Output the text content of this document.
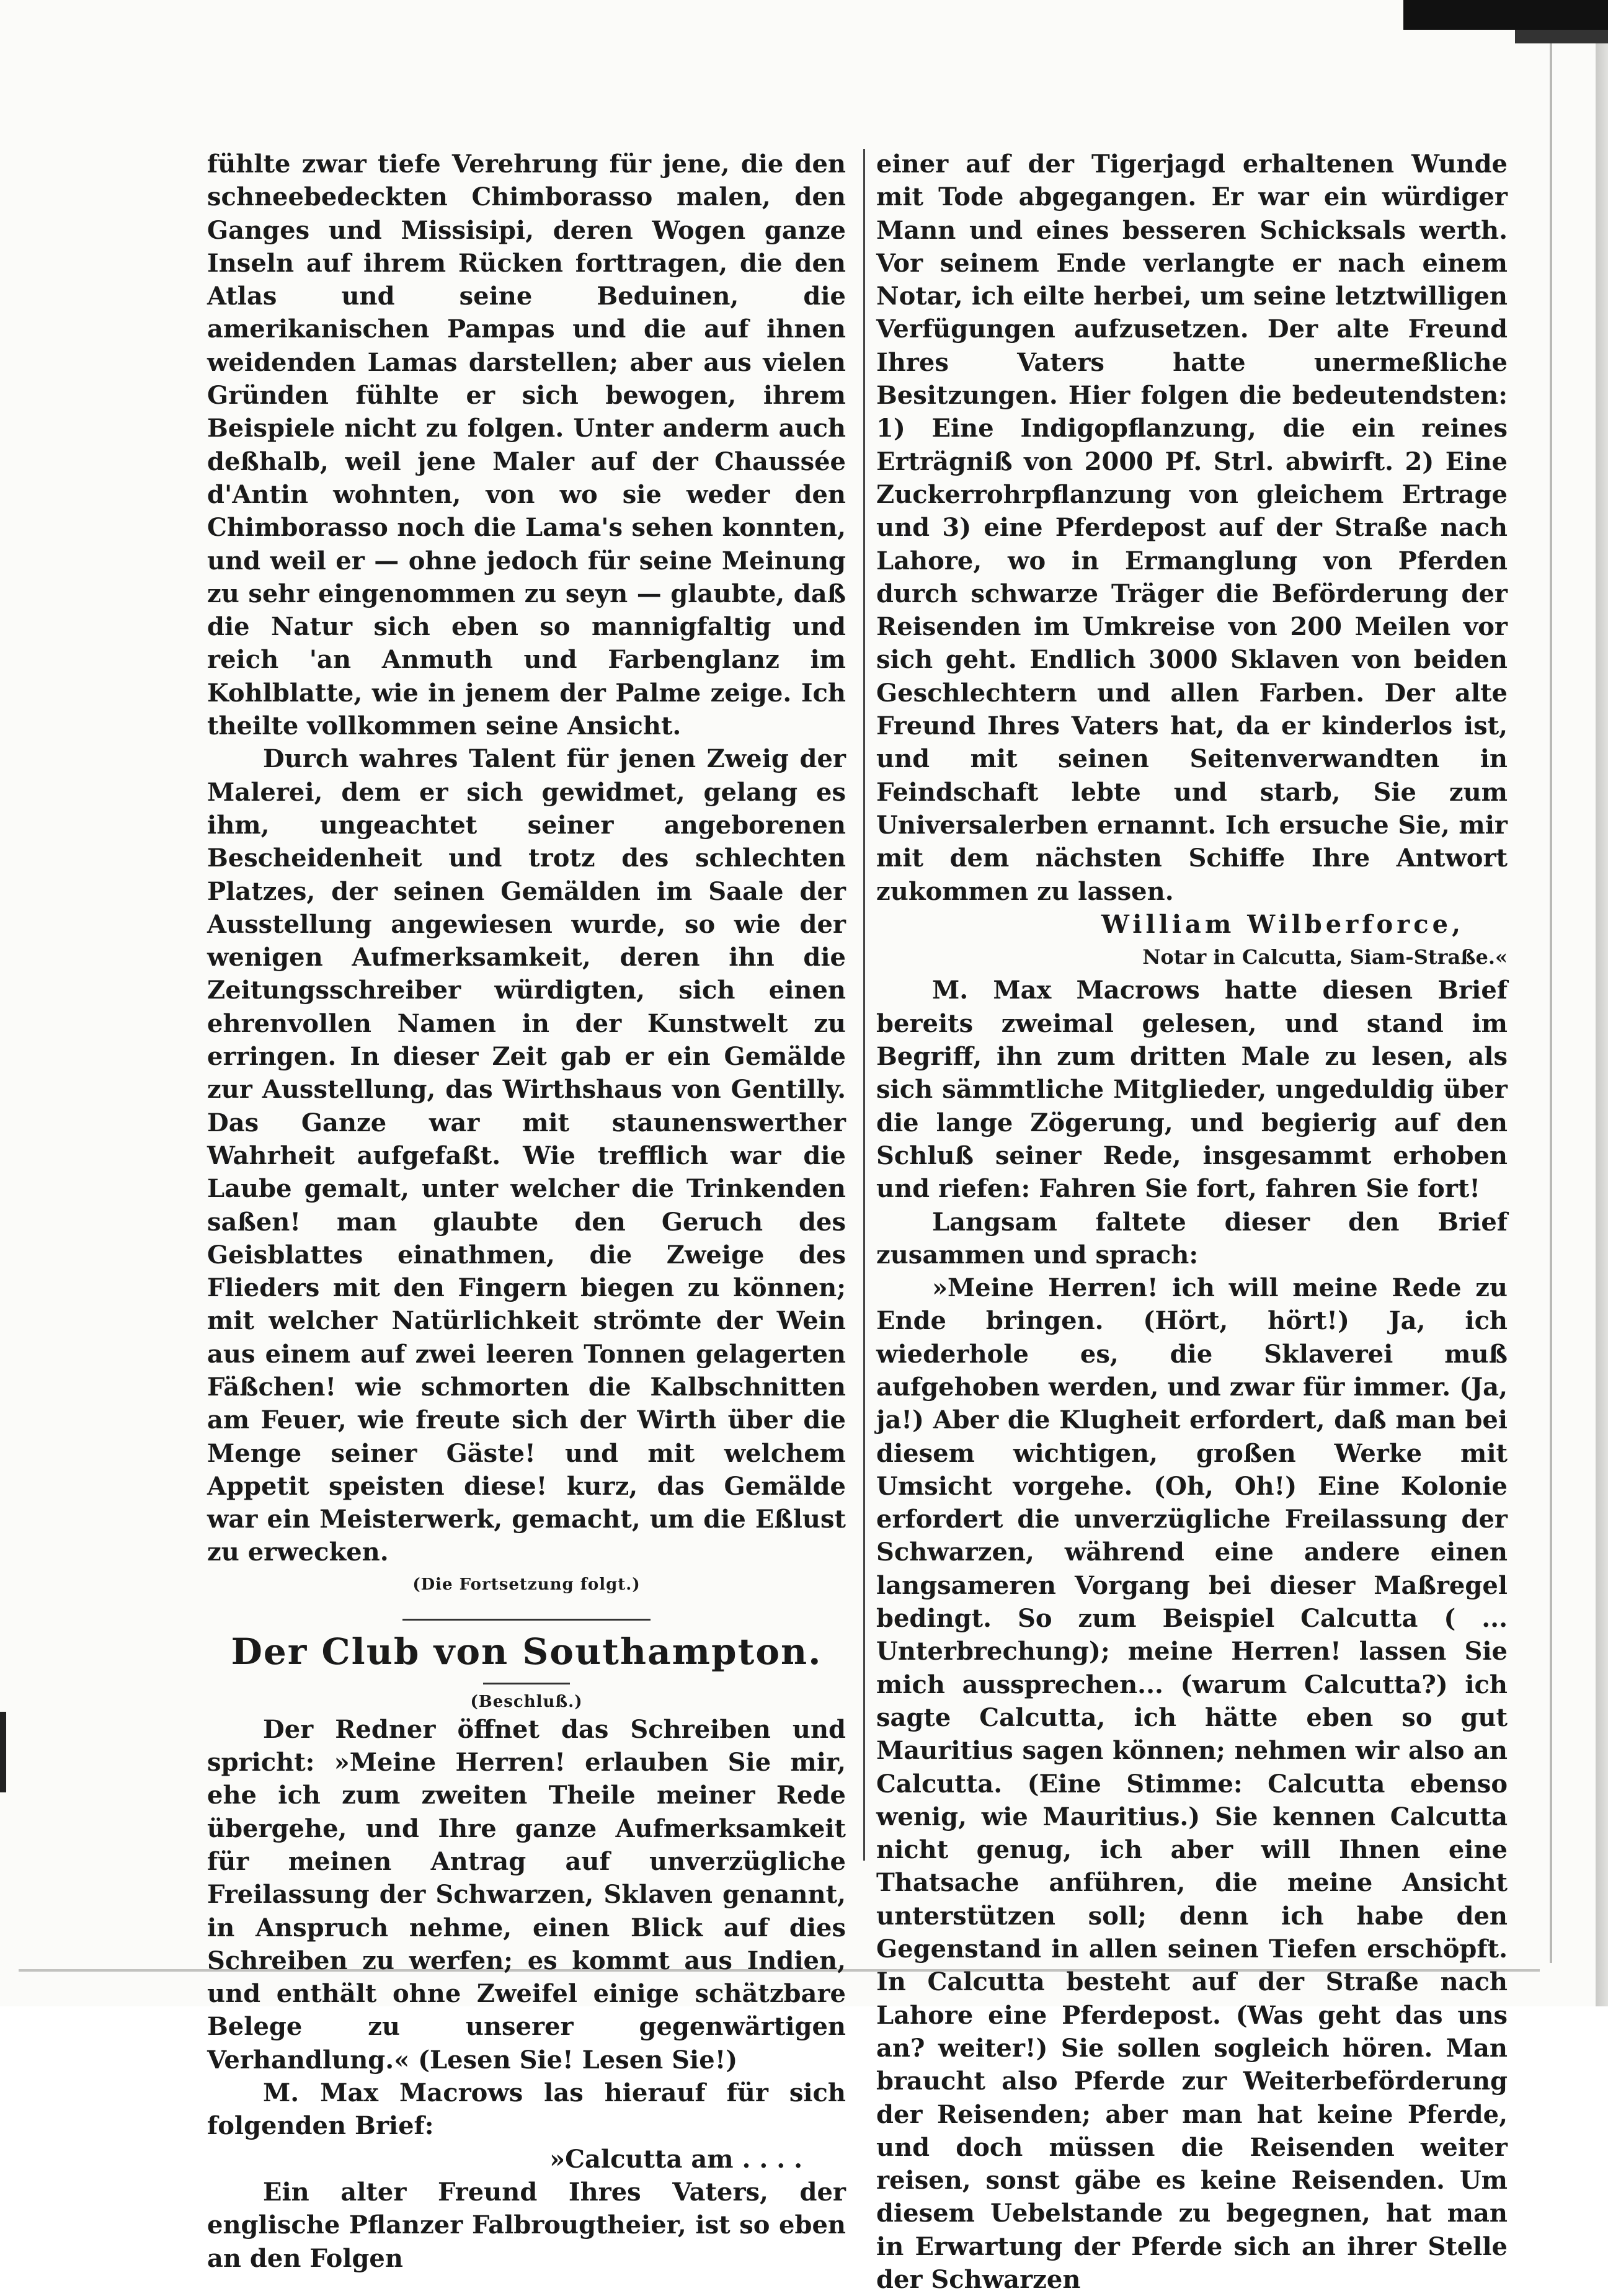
fühlte zwar tiefe Verehrung für jene, die den schneebedeckten Chimborasso malen, den Ganges und Missisipi, deren Wogen ganze Inseln auf ihrem Rücken forttragen, die den Atlas und seine Beduinen, die amerikanischen Pampas und die auf ihnen weidenden Lamas darstellen; aber aus vielen Gründen fühlte er sich bewogen, ihrem Beispiele nicht zu folgen. Unter anderm auch deßhalb, weil jene Maler auf der Chaussée d'Antin wohnten, von wo sie weder den Chimborasso noch die Lama's sehen konnten, und weil er — ohne jedoch für seine Meinung zu sehr eingenommen zu seyn — glaubte, daß die Natur sich eben so mannigfaltig und reich 'an Anmuth und Farbenglanz im Kohlblatte, wie in jenem der Palme zeige. Ich theilte vollkommen seine Ansicht.

Durch wahres Talent für jenen Zweig der Malerei, dem er sich gewidmet, gelang es ihm, ungeachtet seiner angeborenen Bescheidenheit und trotz des schlechten Platzes, der seinen Gemälden im Saale der Ausstellung angewiesen wurde, so wie der wenigen Aufmerksamkeit, deren ihn die Zeitungsschreiber würdigten, sich einen ehrenvollen Namen in der Kunstwelt zu erringen. In dieser Zeit gab er ein Gemälde zur Ausstellung, das Wirthshaus von Gentilly. Das Ganze war mit staunenswerther Wahrheit aufgefaßt. Wie trefflich war die Laube gemalt, unter welcher die Trinkenden saßen! man glaubte den Geruch des Geisblattes einathmen, die Zweige des Flieders mit den Fingern biegen zu können; mit welcher Natürlichkeit strömte der Wein aus einem auf zwei leeren Tonnen gelagerten Fäßchen! wie schmorten die Kalbschnitten am Feuer, wie freute sich der Wirth über die Menge seiner Gäste! und mit welchem Appetit speisten diese! kurz, das Gemälde war ein Meisterwerk, gemacht, um die Eßlust zu erwecken.

(Die Fortsetzung folgt.)

Der Club von Southampton.

(Beschluß.)

Der Redner öffnet das Schreiben und spricht: »Meine Herren! erlauben Sie mir, ehe ich zum zweiten Theile meiner Rede übergehe, und Ihre ganze Aufmerksamkeit für meinen Antrag auf unverzügliche Freilassung der Schwarzen, Sklaven genannt, in Anspruch nehme, einen Blick auf dies Schreiben zu werfen; es kommt aus Indien, und enthält ohne Zweifel einige schätzbare Belege zu unserer gegenwärtigen Verhandlung.« (Lesen Sie! Lesen Sie!)

M. Max Macrows las hierauf für sich folgenden Brief:

»Calcutta am . . . .

Ein alter Freund Ihres Vaters, der englische Pflanzer Falbrougtheier, ist so eben an den Folgen

einer auf der Tigerjagd erhaltenen Wunde mit Tode abgegangen. Er war ein würdiger Mann und eines besseren Schicksals werth. Vor seinem Ende verlangte er nach einem Notar, ich eilte herbei, um seine letztwilligen Verfügungen aufzusetzen. Der alte Freund Ihres Vaters hatte unermeßliche Besitzungen. Hier folgen die bedeutendsten: 1) Eine Indigopflanzung, die ein reines Erträgniß von 2000 Pf. Strl. abwirft. 2) Eine Zuckerrohrpflanzung von gleichem Ertrage und 3) eine Pferdepost auf der Straße nach Lahore, wo in Ermanglung von Pferden durch schwarze Träger die Beförderung der Reisenden im Umkreise von 200 Meilen vor sich geht. Endlich 3000 Sklaven von beiden Geschlechtern und allen Farben. Der alte Freund Ihres Vaters hat, da er kinderlos ist, und mit seinen Seitenverwandten in Feindschaft lebte und starb, Sie zum Universalerben ernannt. Ich ersuche Sie, mir mit dem nächsten Schiffe Ihre Antwort zukommen zu lassen.

William Wilberforce,

Notar in Calcutta, Siam-Straße.«

M. Max Macrows hatte diesen Brief bereits zweimal gelesen, und stand im Begriff, ihn zum dritten Male zu lesen, als sich sämmtliche Mitglieder, ungeduldig über die lange Zögerung, und begierig auf den Schluß seiner Rede, insgesammt erhoben und riefen: Fahren Sie fort, fahren Sie fort!

Langsam faltete dieser den Brief zusammen und sprach:

»Meine Herren! ich will meine Rede zu Ende bringen. (Hört, hört!) Ja, ich wiederhole es, die Sklaverei muß aufgehoben werden, und zwar für immer. (Ja, ja!) Aber die Klugheit erfordert, daß man bei diesem wichtigen, großen Werke mit Umsicht vorgehe. (Oh, Oh!) Eine Kolonie erfordert die unverzügliche Freilassung der Schwarzen, während eine andere einen langsameren Vorgang bei dieser Maßregel bedingt. So zum Beispiel Calcutta ( ... Unterbrechung); meine Herren! lassen Sie mich aussprechen... (warum Calcutta?) ich sagte Calcutta, ich hätte eben so gut Mauritius sagen können; nehmen wir also an Calcutta. (Eine Stimme: Calcutta ebenso wenig, wie Mauritius.) Sie kennen Calcutta nicht genug, ich aber will Ihnen eine Thatsache anführen, die meine Ansicht unterstützen soll; denn ich habe den Gegenstand in allen seinen Tiefen erschöpft. In Calcutta besteht auf der Straße nach Lahore eine Pferdepost. (Was geht das uns an? weiter!) Sie sollen sogleich hören. Man braucht also Pferde zur Weiterbeförderung der Reisenden; aber man hat keine Pferde, und doch müssen die Reisenden weiter reisen, sonst gäbe es keine Reisenden. Um diesem Uebelstande zu begegnen, hat man in Erwartung der Pferde sich an ihrer Stelle der Schwarzen
